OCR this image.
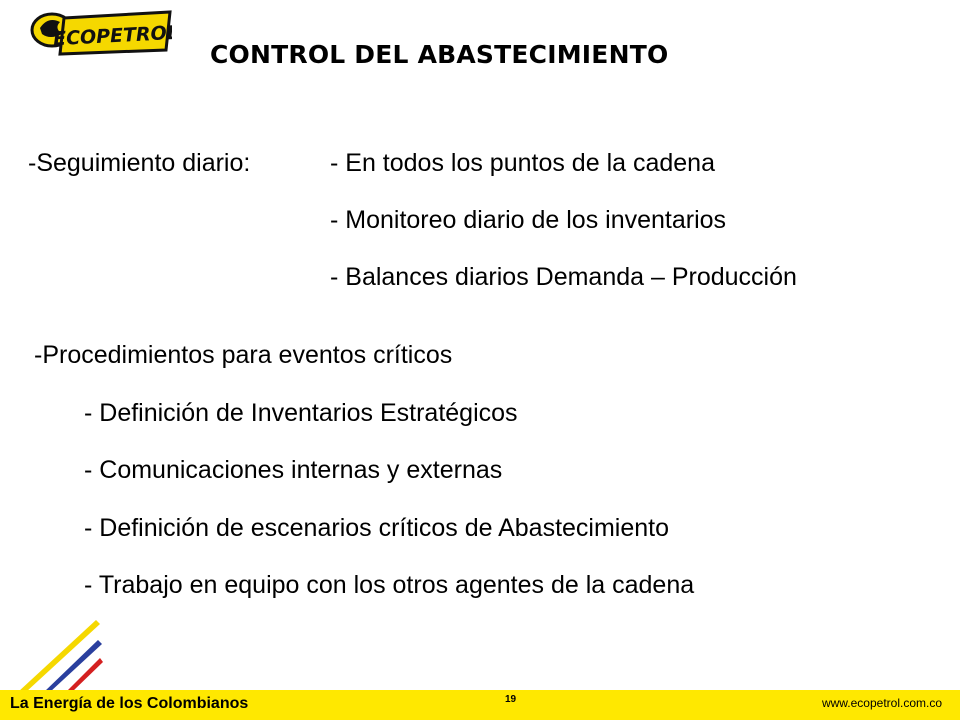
ECOPETROL
CONTROL DEL ABASTECIMIENTO
-Seguimiento diario:	- En todos los puntos de la cadena
- Monitoreo diario de los inventarios
- Balances diarios Demanda – Producción
-Procedimientos para eventos críticos
- Definición de Inventarios Estratégicos
- Comunicaciones internas y externas
- Definición de escenarios críticos de Abastecimiento
- Trabajo en equipo con los otros agentes de la cadena
La Energía de los Colombianos	19	www.ecopetrol.com.co
